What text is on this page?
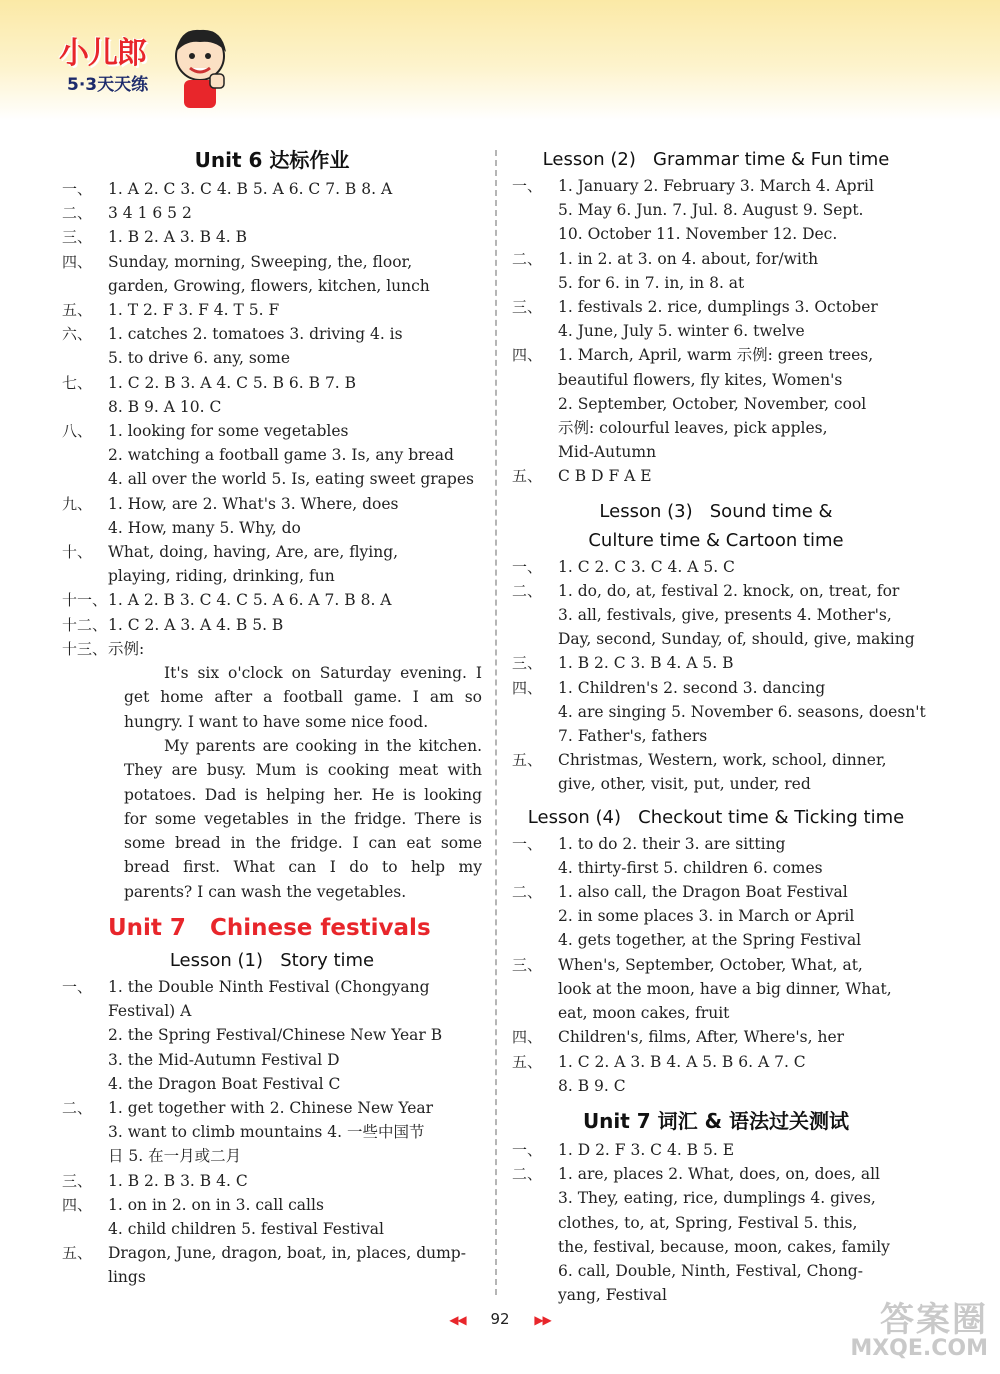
小儿郎
5·3天天练
Unit 6 达标作业
一、	1. A 2. C 3. C 4. B 5. A 6. C 7. B 8. A
二、	3 4 1 6 5 2
三、	1. B 2. A 3. B 4. B
四、	Sunday, morning, Sweeping, the, floor,
garden, Growing, flowers, kitchen, lunch
五、	1. T 2. F 3. F 4. T 5. F
六、	1. catches 2. tomatoes 3. driving 4. is
5. to drive 6. any, some
七、	1. C 2. B 3. A 4. C 5. B 6. B 7. B
8. B 9. A 10. C
八、	1. looking for some vegetables
2. watching a football game 3. Is, any bread
4. all over the world 5. Is, eating sweet grapes
九、	1. How, are 2. What's 3. Where, does
4. How, many 5. Why, do
十、	What, doing, having, Are, are, flying,
playing, riding, drinking, fun
十一、 1. A 2. B 3. C 4. C 5. A 6. A 7. B 8. A
十二、 1. C 2. A 3. A 4. B 5. B
十三、 示例:
It's six o'clock on Saturday evening. I get home after a football game. I am so hungry. I want to have some nice food.
My parents are cooking in the kitchen. They are busy. Mum is cooking meat with potatoes. Dad is helping her. He is looking for some vegetables in the fridge. There is some bread in the fridge. I can eat some bread first. What can I do to help my parents? I can wash the vegetables.
Unit 7   Chinese festivals
Lesson (1)   Story time
一、	1. the Double Ninth Festival (Chongyang
Festival) A
2. the Spring Festival/Chinese New Year B
3. the Mid-Autumn Festival D
4. the Dragon Boat Festival C
二、	1. get together with 2. Chinese New Year
3. want to climb mountains 4. 一些中国节
日 5. 在一月或二月
三、	1. B 2. B 3. B 4. C
四、	1. on in 2. on in 3. call calls
4. child children 5. festival Festival
五、	Dragon, June, dragon, boat, in, places, dump-
lings
Lesson (2)   Grammar time & Fun time
一、	1. January 2. February 3. March 4. April
5. May 6. Jun. 7. Jul. 8. August 9. Sept.
10. October 11. November 12. Dec.
二、	1. in 2. at 3. on 4. about, for/with
5. for 6. in 7. in, in 8. at
三、	1. festivals 2. rice, dumplings 3. October
4. June, July 5. winter 6. twelve
四、	1. March, April, warm 示例: green trees,
beautiful flowers, fly kites, Women's
2. September, October, November, cool
示例: colourful leaves, pick apples,
Mid-Autumn
五、	C B D F A E
Lesson (3)   Sound time &
Culture time & Cartoon time
一、	1. C 2. C 3. C 4. A 5. C
二、	1. do, do, at, festival 2. knock, on, treat, for
3. all, festivals, give, presents 4. Mother's,
Day, second, Sunday, of, should, give, making
三、	1. B 2. C 3. B 4. A 5. B
四、	1. Children's 2. second 3. dancing
4. are singing 5. November 6. seasons, doesn't
7. Father's, fathers
五、	Christmas, Western, work, school, dinner,
give, other, visit, put, under, red
Lesson (4)   Checkout time & Ticking time
一、	1. to do 2. their 3. are sitting
4. thirty-first 5. children 6. comes
二、	1. also call, the Dragon Boat Festival
2. in some places 3. in March or April
4. gets together, at the Spring Festival
三、	When's, September, October, What, at,
look at the moon, have a big dinner, What,
eat, moon cakes, fruit
四、	Children's, films, After, Where's, her
五、	1. C 2. A 3. B 4. A 5. B 6. A 7. C
8. B 9. C
Unit 7 词汇 & 语法过关测试
一、	1. D 2. F 3. C 4. B 5. E
二、	1. are, places 2. What, does, on, does, all
3. They, eating, rice, dumplings 4. gives,
clothes, to, at, Spring, Festival 5. this,
the, festival, because, moon, cakes, family
6. call, Double, Ninth, Festival, Chong-
yang, Festival
◀◀ 92 ▶▶	答案圈
MXQE.COM
